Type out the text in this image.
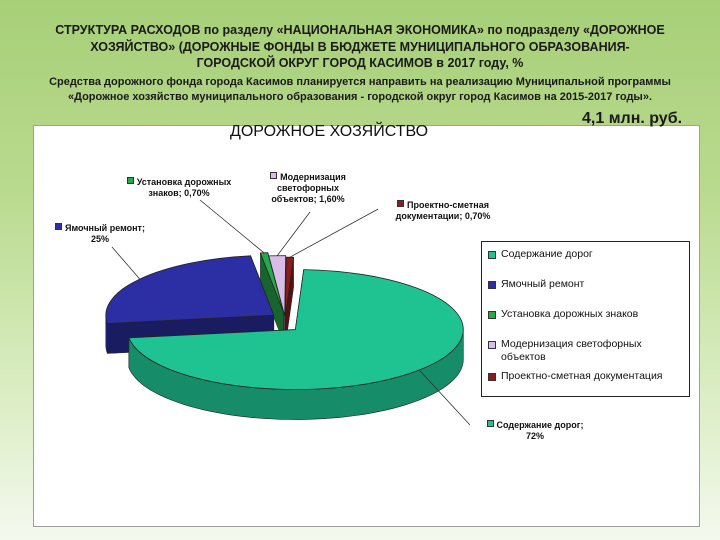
СТРУКТУРА РАСХОДОВ по разделу «НАЦИОНАЛЬНАЯ ЭКОНОМИКА» по подразделу «ДОРОЖНОЕ
ХОЗЯЙСТВО» (ДОРОЖНЫЕ ФОНДЫ В БЮДЖЕТЕ МУНИЦИПАЛЬНОГО ОБРАЗОВАНИЯ-
ГОРОДСКОЙ ОКРУГ ГОРОД КАСИМОВ в 2017 году, %
Средства дорожного фонда города Касимов планируется направить на реализацию Муниципальной программы
«Дорожное хозяйство муниципального образования - городской округ город Касимов на 2015-2017 годы».
4,1 млн. руб.
ДОРОЖНОЕ ХОЗЯЙСТВО
Установка дорожных
знаков; 0,70%
Модернизация
светофорных
объектов; 1,60%
Проектно-сметная
документации; 0,70%
Ямочный ремонт;
25%
Содержание дорог;
72%
Содержание дорог
Ямочный ремонт
Установка дорожных знаков
Модернизация светофорных объектов
Проектно-сметная документация
